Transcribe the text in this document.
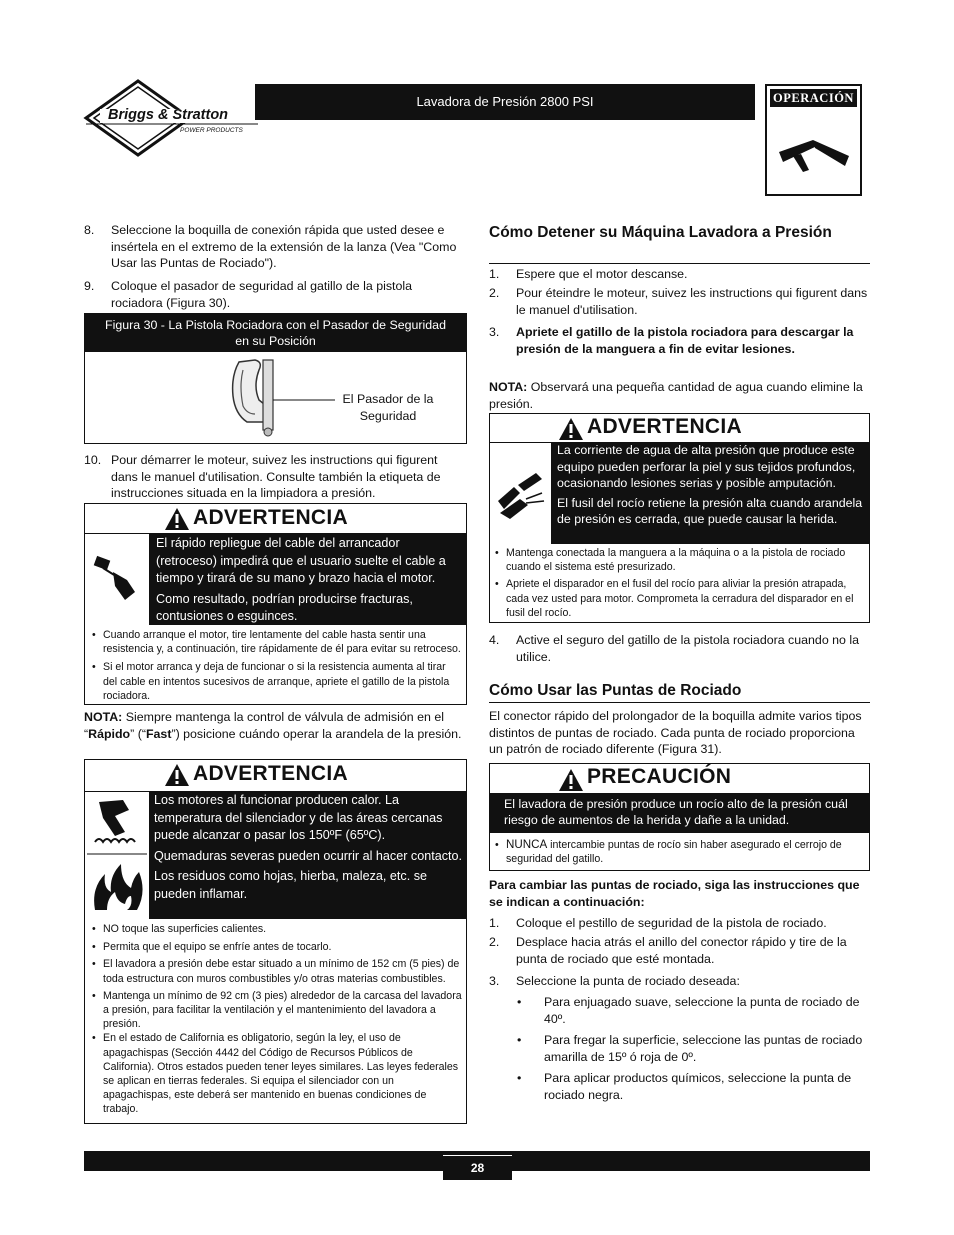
Briggs & Stratton
POWER PRODUCTS
Lavadora de Presión 2800 PSI	OPERACIÓN
8.	Seleccione la boquilla de conexión rápida que usted desee e insértela en el extremo de la extensión de la lanza (Vea "Como Usar las Puntas de Rociado").
9.	Coloque el pasador de seguridad al gatillo de la pistola rociadora (Figura 30).
Figura 30 - La Pistola Rociadora con el Pasador de Seguridad
en su Posición
El Pasador de la
Seguridad
10. Pour démarrer le moteur, suivez les instructions qui figurent dans le manuel d'utilisation. Consulte también la etiqueta de instrucciones situada en la limpiadora a presión.
ADVERTENCIA
El rápido repliegue del cable del arrancador (retroceso) impedirá que el usuario suelte el cable a tiempo y tirará de su mano y brazo hacia el motor.
Como resultado, podrían producirse fracturas, contusiones o esguinces.
• Cuando arranque el motor, tire lentamente del cable hasta sentir una resistencia y, a continuación, tire rápidamente de él para evitar su retroceso.
• Si el motor arranca y deja de funcionar o si la resistencia aumenta al tirar del cable en intentos sucesivos de arranque, apriete el gatillo de la pistola rociadora.
NOTA: Siempre mantenga la control de válvula de admisión en el “Rápido” (“Fast”) posicione cuándo operar la arandela de la presión.
ADVERTENCIA
Los motores al funcionar producen calor. La temperatura del silenciador y de las áreas cercanas puede alcanzar o pasar los 150ºF (65ºC).
Quemaduras severas pueden ocurrir al hacer contacto.
Los residuos como hojas, hierba, maleza, etc. se pueden inflamar.
• NO toque las superficies calientes.
• Permita que el equipo se enfríe antes de tocarlo.
• El lavadora a presión debe estar situado a un mínimo de 152 cm (5 pies) de toda estructura con muros combustibles y/o otras materias combustibles.
• Mantenga un mínimo de 92 cm (3 pies) alrededor de la carcasa del lavadora a presión, para facilitar la ventilación y el mantenimiento del lavadora a presión.
• En el estado de California es obligatorio, según la ley, el uso de apagachispas (Sección 4442 del Código de Recursos Públicos de California). Otros estados pueden tener leyes similares. Las leyes federales se aplican en tierras federales. Si equipa el silenciador con un apagachispas, este deberá ser mantenido en buenas condiciones de trabajo.
Cómo Detener su Máquina Lavadora a Presión
1.	Espere que el motor descanse.
2.	Pour éteindre le moteur, suivez les instructions qui figurent dans le manuel d'utilisation.
3.	Apriete el gatillo de la pistola rociadora para descargar la presión de la manguera a fin de evitar lesiones.
NOTA: Observará una pequeña cantidad de agua cuando elimine la presión.
ADVERTENCIA
La corriente de agua de alta presión que produce este equipo pueden perforar la piel y sus tejidos profundos, ocasionando lesiones serias y posible amputación.
El fusil del rocío retiene la presión alta cuando arandela de presión es cerrada, que puede causar la herida.
• Mantenga conectada la manguera a la máquina o a la pistola de rociado cuando el sistema esté presurizado.
• Apriete el disparador en el fusil del rocío para aliviar la presión atrapada, cada vez usted para motor. Comprometa la cerradura del disparador en el fusil del rocío.
4.	Active el seguro del gatillo de la pistola rociadora cuando no la utilice.
Cómo Usar las Puntas de Rociado
El conector rápido del prolongador de la boquilla admite varios tipos distintos de puntas de rociado. Cada punta de rociado proporciona un patrón de rociado diferente (Figura 31).
PRECAUCIÓN
El lavadora de presión produce un rocío alto de la presión cuál riesgo de aumentos de la herida y dañe a la unidad.
• NUNCA intercambie puntas de rocío sin haber asegurado el cerrojo de seguridad del gatillo.
Para cambiar las puntas de rociado, siga las instrucciones que se indican a continuación:
1.	Coloque el pestillo de seguridad de la pistola de rociado.
2.	Desplace hacia atrás el anillo del conector rápido y tire de la punta de rociado que esté montada.
3.	Seleccione la punta de rociado deseada:
• Para enjuagado suave, seleccione la punta de rociado de 40º.
• Para fregar la superficie, seleccione las puntas de rociado amarilla de 15º ó roja de 0º.
• Para aplicar productos químicos, seleccione la punta de rociado negra.
28
